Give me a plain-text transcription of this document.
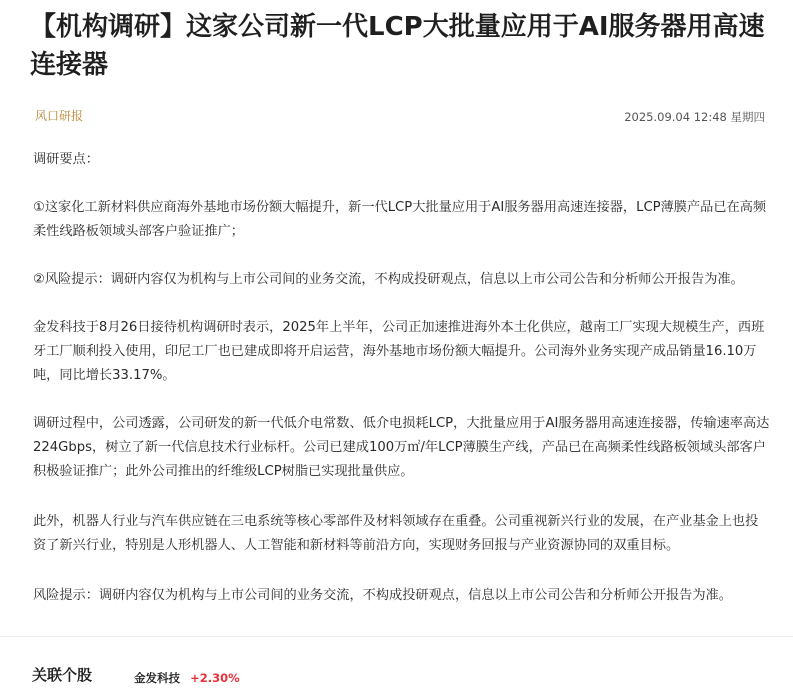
【机构调研】这家公司新一代LCP大批量应用于AI服务器用高速连接器
风口研报	2025.09.04 12:48 星期四

调研要点：

①这家化工新材料供应商海外基地市场份额大幅提升，新一代LCP大批量应用于AI服务器用高速连接器，LCP薄膜产品已在高频柔性线路板领域头部客户验证推广；

②风险提示：调研内容仅为机构与上市公司间的业务交流，不构成投研观点，信息以上市公司公告和分析师公开报告为准。

金发科技于8月26日接待机构调研时表示，2025年上半年，公司正加速推进海外本土化供应，越南工厂实现大规模生产，西班牙工厂顺利投入使用，印尼工厂也已建成即将开启运营，海外基地市场份额大幅提升。公司海外业务实现产成品销量16.10万吨，同比增长33.17%。

调研过程中，公司透露，公司研发的新一代低介电常数、低介电损耗LCP，大批量应用于AI服务器用高速连接器，传输速率高达224Gbps，树立了新一代信息技术行业标杆。公司已建成100万㎡/年LCP薄膜生产线，产品已在高频柔性线路板领域头部客户积极验证推广；此外公司推出的纤维级LCP树脂已实现批量供应。

此外，机器人行业与汽车供应链在三电系统等核心零部件及材料领域存在重叠。公司重视新兴行业的发展，在产业基金上也投资了新兴行业，特别是人形机器人、人工智能和新材料等前沿方向，实现财务回报与产业资源协同的双重目标。

风险提示：调研内容仅为机构与上市公司间的业务交流，不构成投研观点，信息以上市公司公告和分析师公开报告为准。

关联个股	金发科技 +2.30%
